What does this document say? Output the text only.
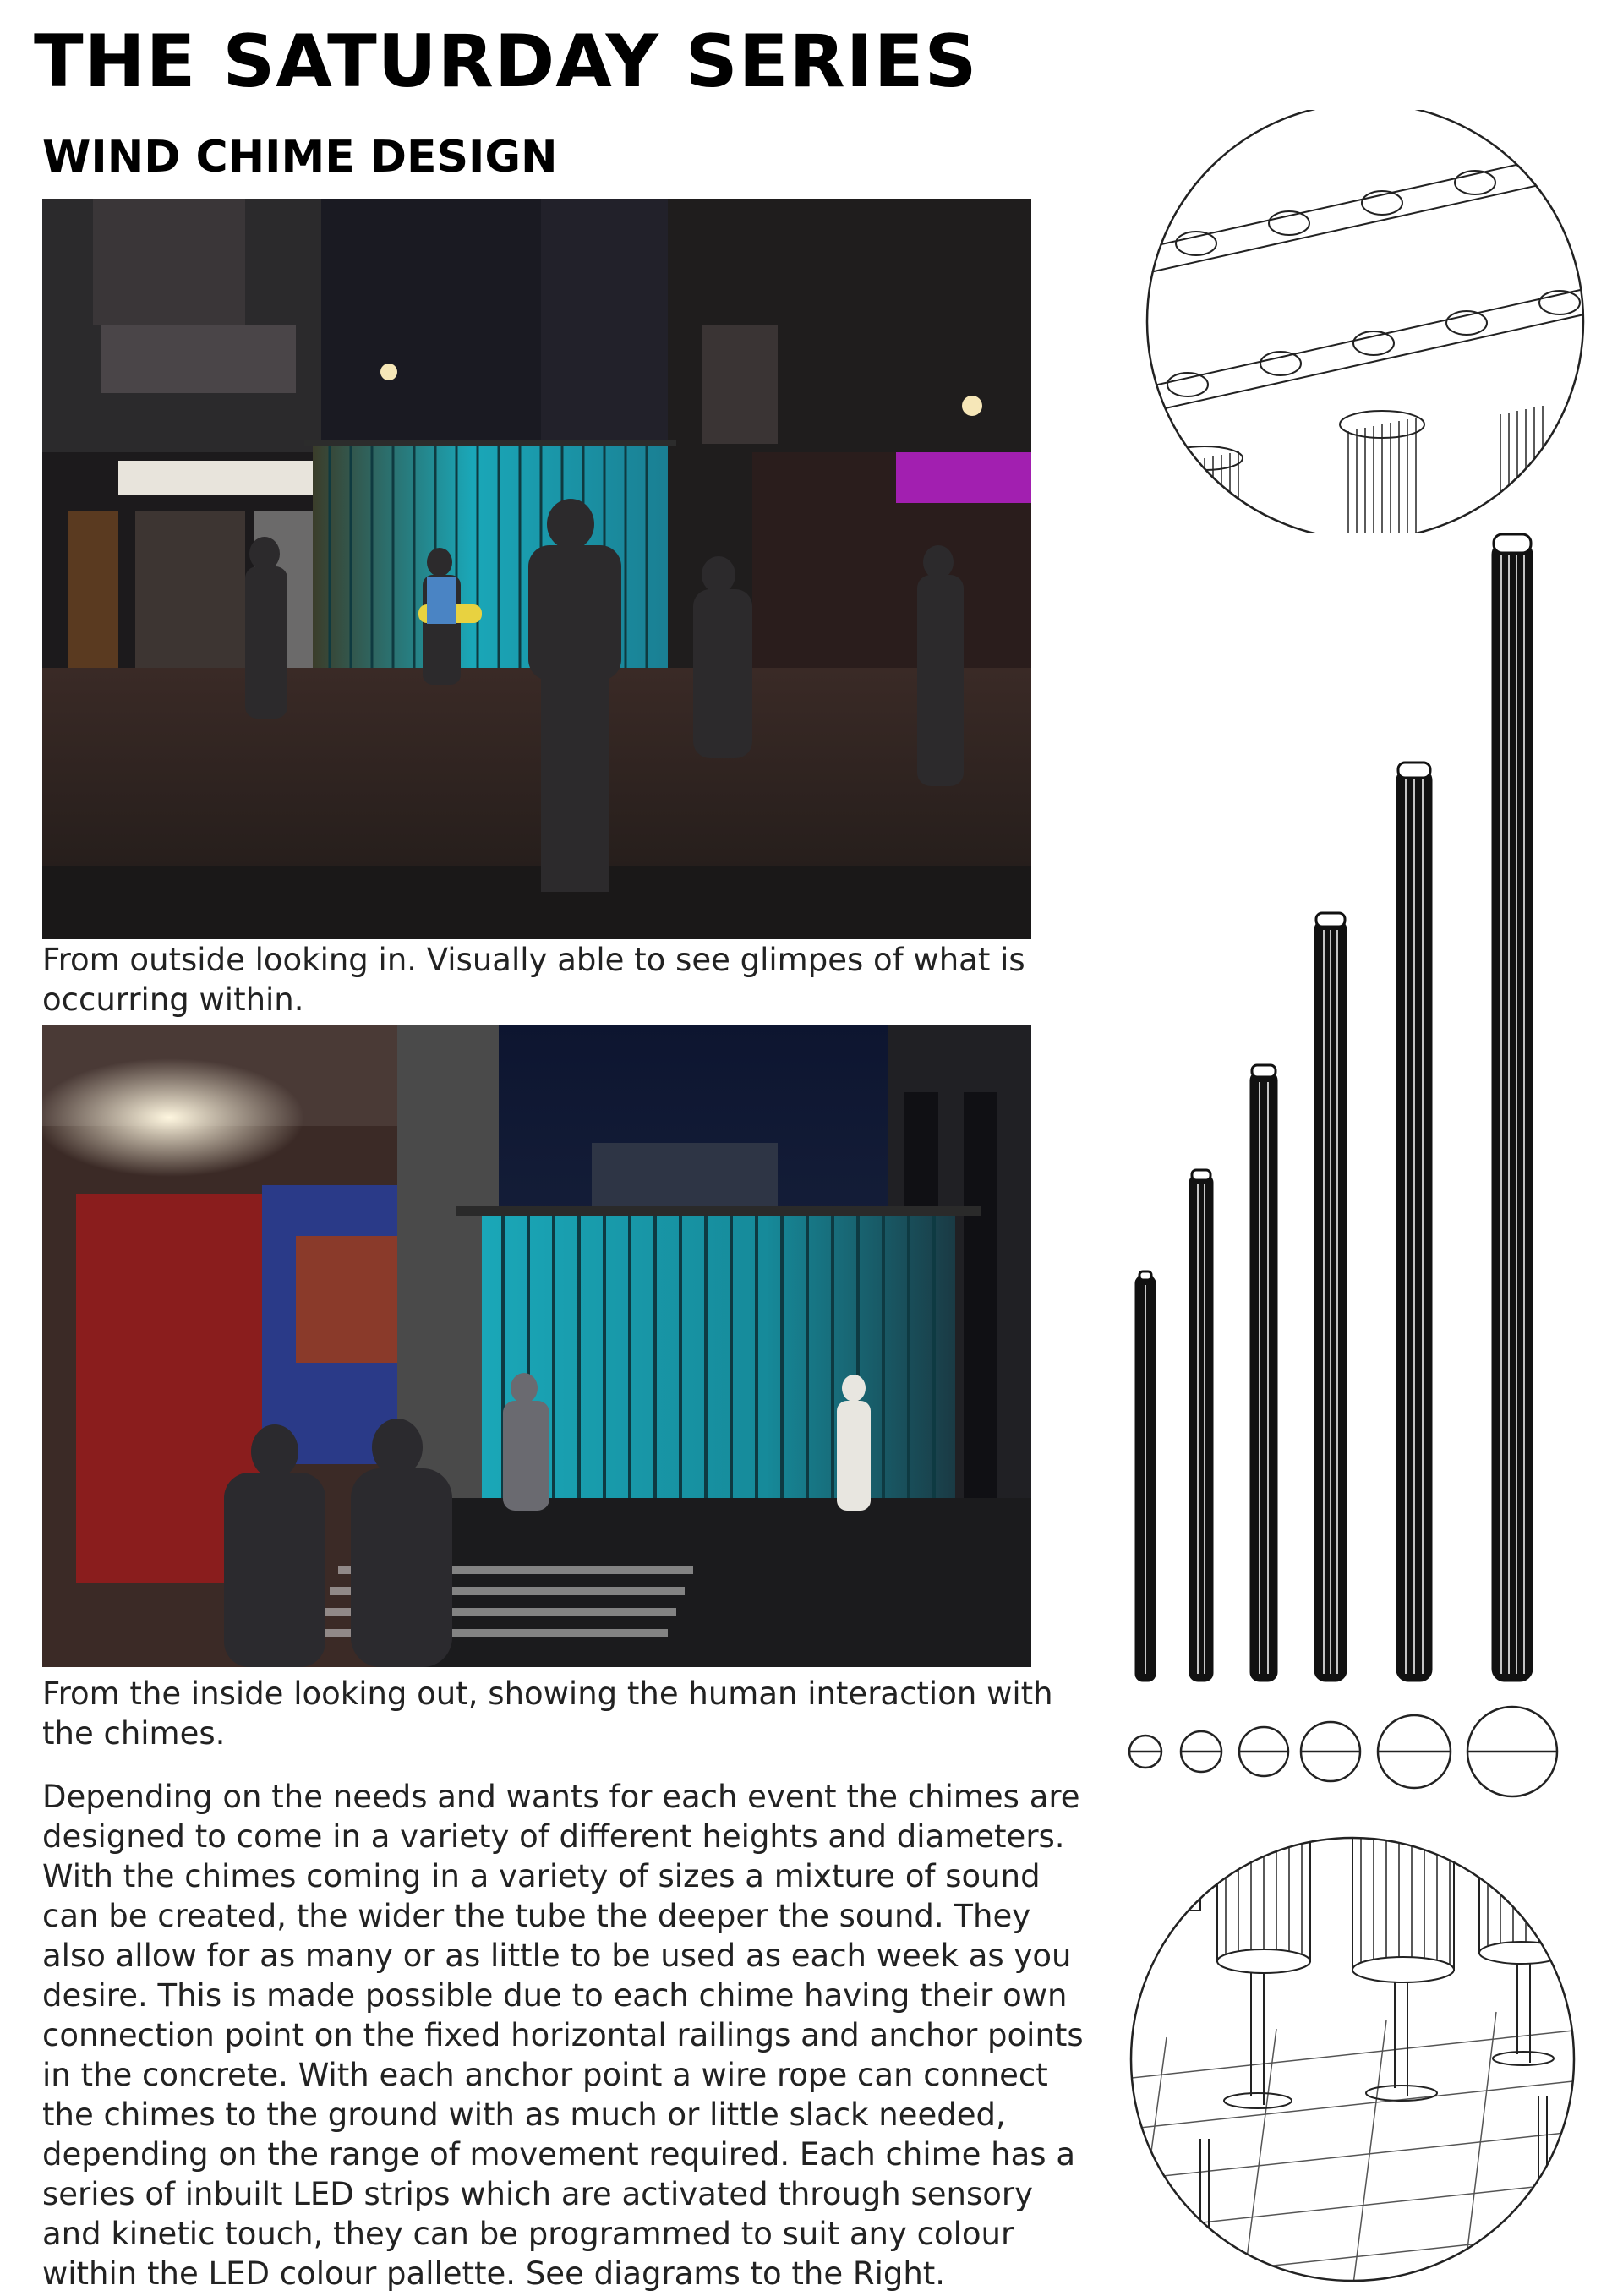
THE SATURDAY SERIES
WIND CHIME DESIGN

From outside looking in. Visually able to see glimpes of what is occurring within.

From the inside looking out, showing the human interaction with the chimes.

Depending on the needs and wants for each event the chimes are designed to come in a variety of different heights and diameters. With the chimes coming in a variety of sizes a mixture of sound can be created, the wider the tube the deeper the sound. They also allow for as many or as little to be used as each week as you desire. This is made possible due to each chime having their own connection point on the fixed horizontal railings and anchor points in the concrete. With each anchor point a wire rope can connect the chimes to the ground with as much or little slack needed, depending on the range of movement required. Each chime has a series of inbuilt LED strips which are activated through sensory and kinetic touch, they can be programmed to suit any colour within the LED colour pallette. See diagrams to the Right.
